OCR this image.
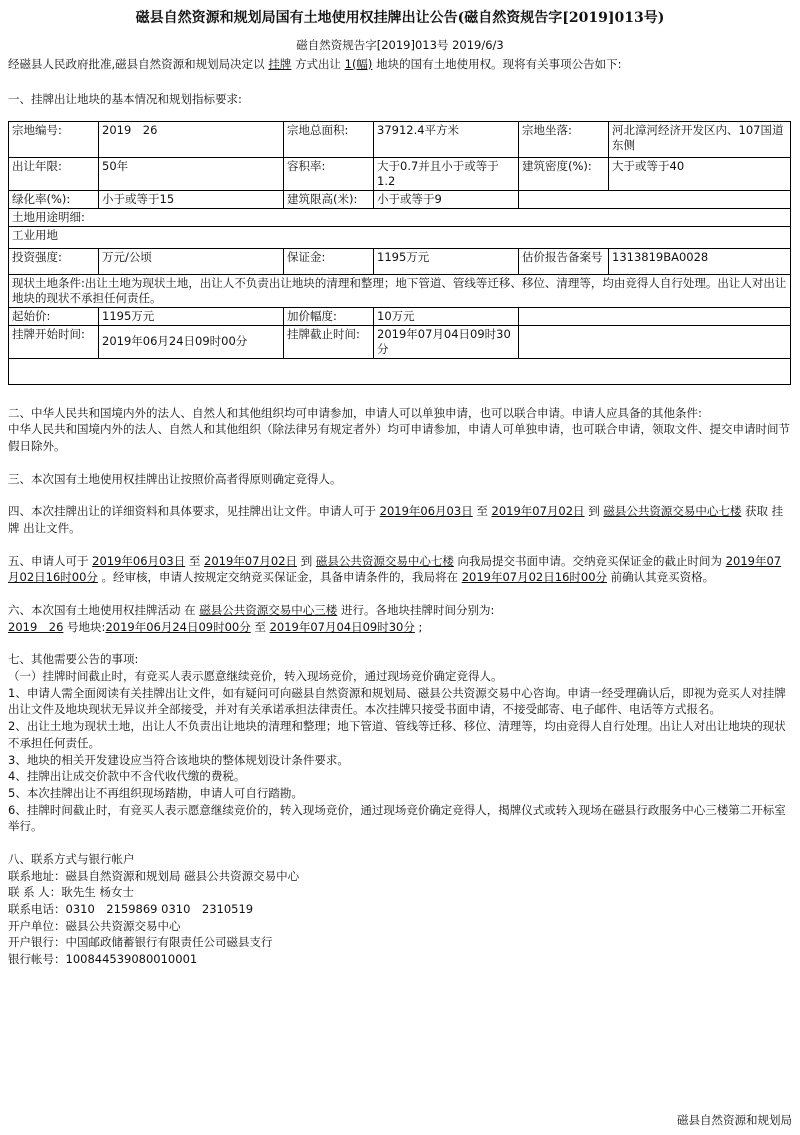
磁县自然资源和规划局国有土地使用权挂牌出让公告(磁自然资规告字[2019]013号)
磁自然资规告字[2019]013号 2019/6/3

经磁县人民政府批准,磁县自然资源和规划局决定以 挂牌 方式出让 1(幅) 地块的国有土地使用权。现将有关事项公告如下:

一、挂牌出让地块的基本情况和规划指标要求:

宗地编号:	2019　26	宗地总面积:	37912.4平方米	宗地坐落:	河北漳河经济开发区内、107国道东侧
出让年限:	50年	容积率:	大于0.7并且小于或等于1.2	建筑密度(%):	大于或等于40
绿化率(%):	小于或等于15	建筑限高(米):	小于或等于9		
土地用途明细:					
工业用地					
投资强度:	万元/公顷	保证金:	1195万元	估价报告备案号	1313819BA0028
现状土地条件:出让土地为现状土地，出让人不负责出让地块的清理和整理；地下管道、管线等迁移、移位、清理等，均由竞得人自行处理。出让人对出让地块的现状不承担任何责任。					
起始价:	1195万元	加价幅度:	10万元		
挂牌开始时间:	2019年06月24日09时00分	挂牌截止时间:	2019年07月04日09时30分		

二、中华人民共和国境内外的法人、自然人和其他组织均可申请参加，申请人可以单独申请，也可以联合申请。申请人应具备的其他条件:

中华人民共和国境内外的法人、自然人和其他组织（除法律另有规定者外）均可申请参加，申请人可单独申请，也可联合申请，领取文件、提交申请时间节假日除外。

三、本次国有土地使用权挂牌出让按照价高者得原则确定竞得人。

四、本次挂牌出让的详细资料和具体要求，见挂牌出让文件。申请人可于 2019年06月03日 至 2019年07月02日 到 磁县公共资源交易中心七楼 获取 挂牌 出让文件。

五、申请人可于 2019年06月03日 至 2019年07月02日 到 磁县公共资源交易中心七楼 向我局提交书面申请。交纳竞买保证金的截止时间为 2019年07月02日16时00分 。经审核，申请人按规定交纳竞买保证金，具备申请条件的，我局将在 2019年07月02日16时00分 前确认其竞买资格。

六、本次国有土地使用权挂牌活动 在 磁县公共资源交易中心三楼 进行。各地块挂牌时间分别为:
2019　26 号地块:2019年06月24日09时00分 至 2019年07月04日09时30分 ;

七、其他需要公告的事项:

（一）挂牌时间截止时，有竞买人表示愿意继续竞价，转入现场竞价，通过现场竞价确定竞得人。

1、申请人需全面阅读有关挂牌出让文件，如有疑问可向磁县自然资源和规划局、磁县公共资源交易中心咨询。申请一经受理确认后，即视为竞买人对挂牌出让文件及地块现状无异议并全部接受，并对有关承诺承担法律责任。本次挂牌只接受书面申请，不接受邮寄、电子邮件、电话等方式报名。

2、出让土地为现状土地，出让人不负责出让地块的清理和整理；地下管道、管线等迁移、移位、清理等，均由竞得人自行处理。出让人对出让地块的现状不承担任何责任。

3、地块的相关开发建设应当符合该地块的整体规划设计条件要求。

4、挂牌出让成交价款中不含代收代缴的费税。

5、本次挂牌出让不再组织现场踏勘，申请人可自行踏勘。

6、挂牌时间截止时，有竞买人表示愿意继续竞价的，转入现场竞价，通过现场竞价确定竞得人，揭牌仪式或转入现场在磁县行政服务中心三楼第二开标室举行。

八、联系方式与银行帐户

联系地址：磁县自然资源和规划局 磁县公共资源交易中心

联 系 人：耿先生 杨女士

联系电话：0310　2159869 0310　2310519

开户单位：磁县公共资源交易中心

开户银行：中国邮政储蓄银行有限责任公司磁县支行

银行帐号：100844539080010001

磁县自然资源和规划局
